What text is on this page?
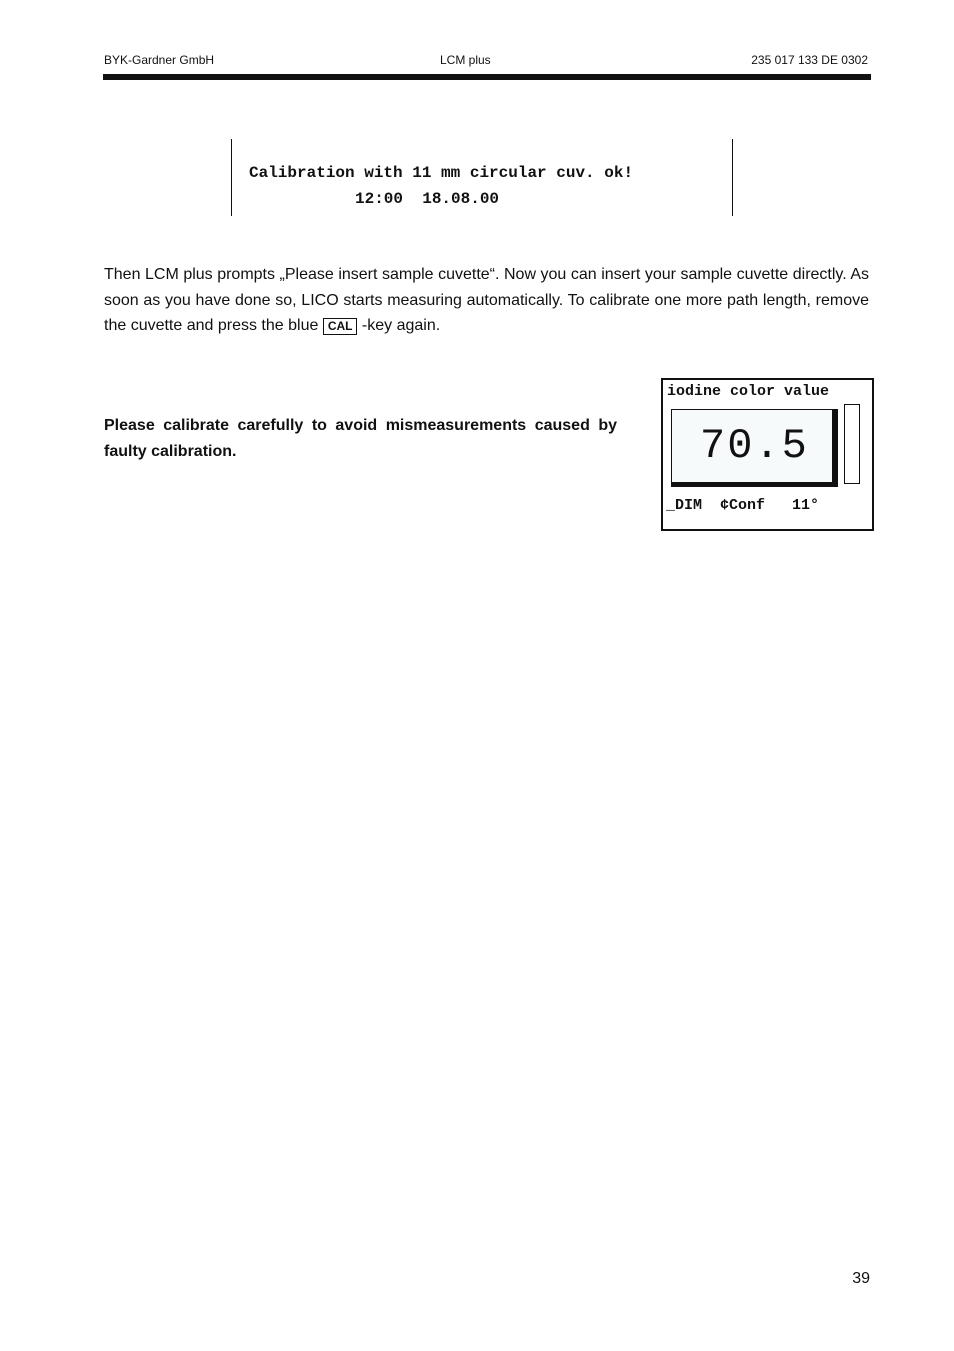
BYK-Gardner GmbH	LCM plus	235 017 133 DE 0302
Calibration with 11 mm circular cuv. ok!
12:00  18.08.00

Then LCM plus prompts „Please insert sample cuvette“. Now you can insert your sample cuvette directly. As soon as you have done so, LICO starts measuring automatically. To calibrate one more path length, remove the cuvette and press the blue CAL -key again.

Please calibrate carefully to avoid mismeasurements caused by faulty calibration.

iodine color value
70.5
_DIM  ¢Conf   11°
39
